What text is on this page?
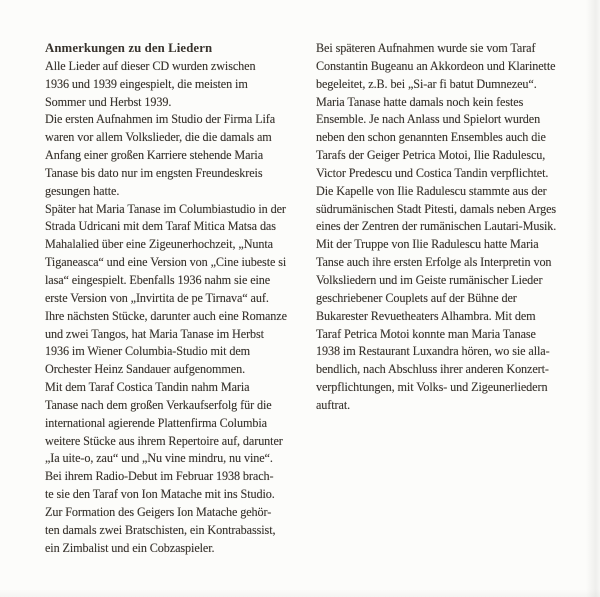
Anmerkungen zu den Liedern
Alle Lieder auf dieser CD wurden zwischen
1936 und 1939 eingespielt, die meisten im
Sommer und Herbst 1939.
Die ersten Aufnahmen im Studio der Firma Lifa
waren vor allem Volkslieder, die die damals am
Anfang einer großen Karriere stehende Maria
Tanase bis dato nur im engsten Freundeskreis
gesungen hatte.
Später hat Maria Tanase im Columbiastudio in der
Strada Udricani mit dem Taraf Mitica Matsa das
Mahalalied über eine Zigeunerhochzeit, „Nunta
Tiganeasca“ und eine Version von „Cine iubeste si
lasa“ eingespielt. Ebenfalls 1936 nahm sie eine
erste Version von „Invirtita de pe Tirnava“ auf.
Ihre nächsten Stücke, darunter auch eine Romanze
und zwei Tangos, hat Maria Tanase im Herbst
1936 im Wiener Columbia-Studio mit dem
Orchester Heinz Sandauer aufgenommen.
Mit dem Taraf Costica Tandin nahm Maria
Tanase nach dem großen Verkaufserfolg für die
international agierende Plattenfirma Columbia
weitere Stücke aus ihrem Repertoire auf, darunter
„Ia uite-o, zau“ und „Nu vine mindru, nu vine“.
Bei ihrem Radio-Debut im Februar 1938 brach-
te sie den Taraf von Ion Matache mit ins Studio.
Zur Formation des Geigers Ion Matache gehör-
ten damals zwei Bratschisten, ein Kontrabassist,
ein Zimbalist und ein Cobzaspieler.
Bei späteren Aufnahmen wurde sie vom Taraf
Constantin Bugeanu an Akkordeon und Klarinette
begeleitet, z.B. bei „Si-ar fi batut Dumnezeu“.
Maria Tanase hatte damals noch kein festes
Ensemble. Je nach Anlass und Spielort wurden
neben den schon genannten Ensembles auch die
Tarafs der Geiger Petrica Motoi, Ilie Radulescu,
Victor Predescu und Costica Tandin verpflichtet.
Die Kapelle von Ilie Radulescu stammte aus der
südrumänischen Stadt Pitesti, damals neben Arges
eines der Zentren der rumänischen Lautari-Musik.
Mit der Truppe von Ilie Radulescu hatte Maria
Tanse auch ihre ersten Erfolge als Interpretin von
Volksliedern und im Geiste rumänischer Lieder
geschriebener Couplets auf der Bühne der
Bukarester Revuetheaters Alhambra. Mit dem
Taraf Petrica Motoi konnte man Maria Tanase
1938 im Restaurant Luxandra hören, wo sie alla-
bendlich, nach Abschluss ihrer anderen Konzert-
verpflichtungen, mit Volks- und Zigeunerliedern
auftrat.
